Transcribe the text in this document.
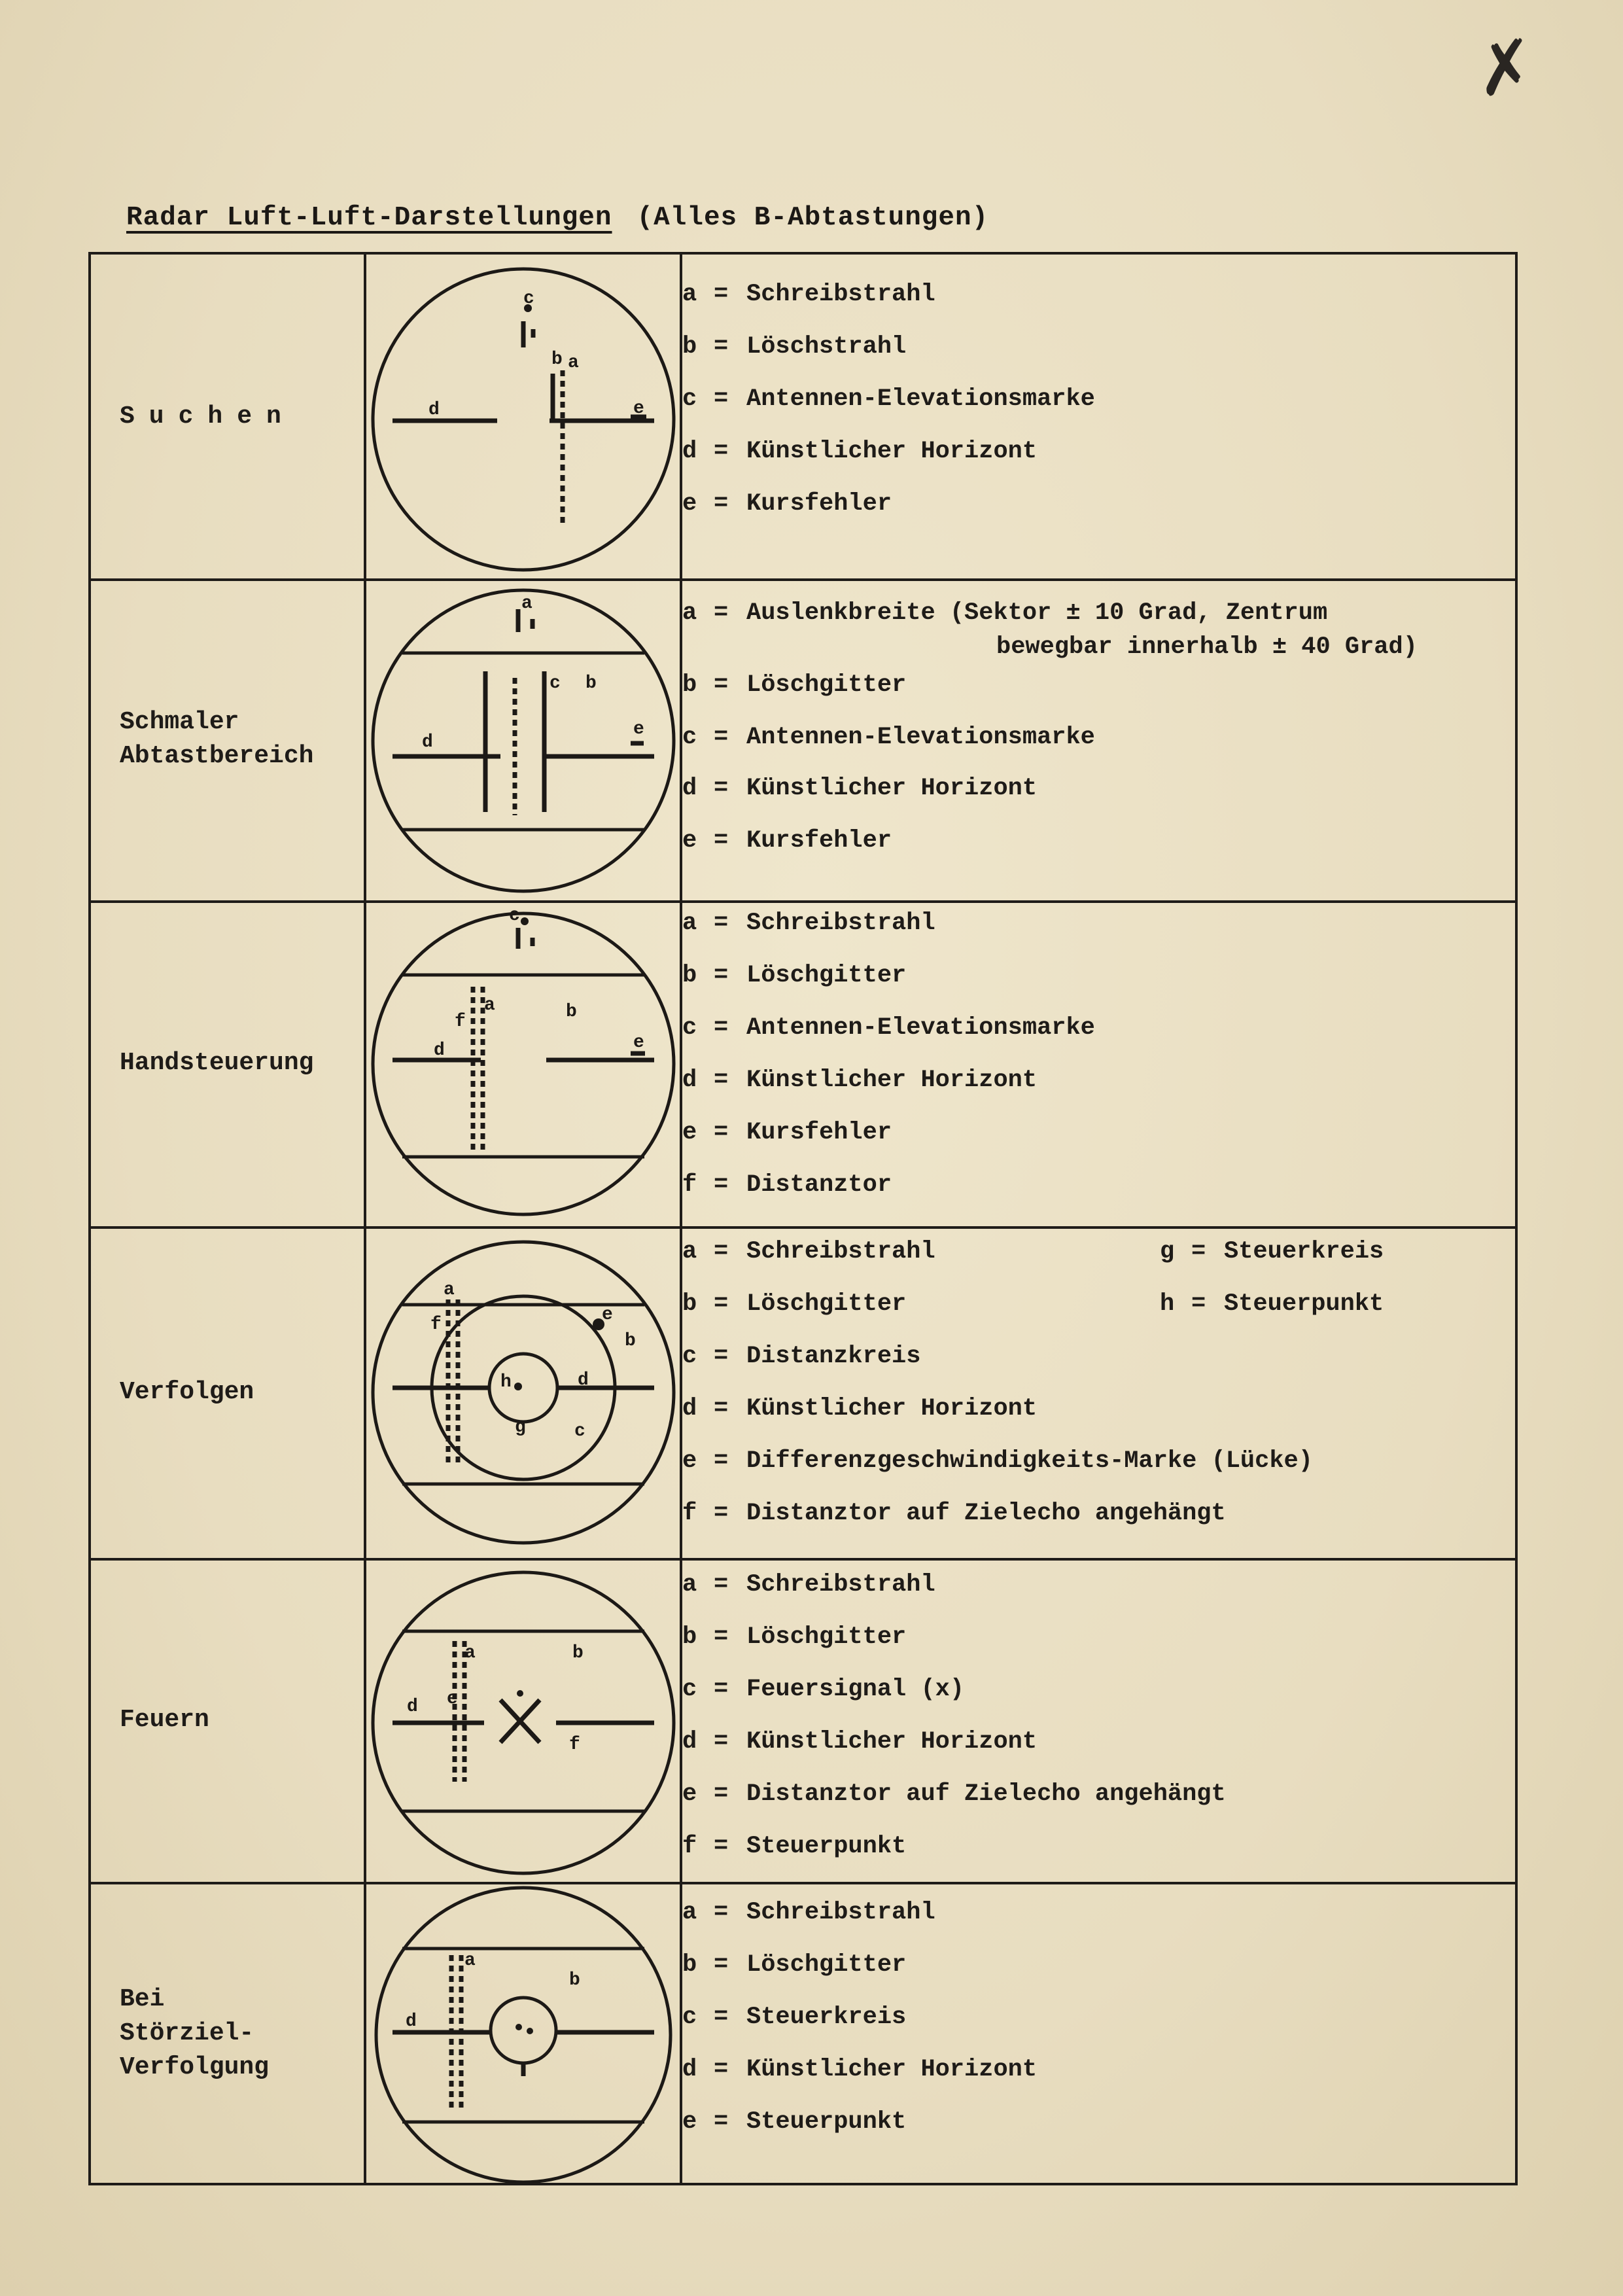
✗
Radar Luft-Luft-Darstellungen (Alles B-Abtastungen)
Suchen
a
b
c
d	e
a = Schreibstrahl
b = Löschstrahl
c = Antennen-Elevationsmarke
d = Künstlicher Horizont
e = Kursfehler
Schmaler
Abtastbereich
a
b
c
d
e
a = Auslenkbreite (Sektor ± 10 Grad, Zentrum
bewegbar innerhalb ± 40 Grad)
b = Löschgitter
c = Antennen-Elevationsmarke
d = Künstlicher Horizont
e = Kursfehler
Handsteuerung
a	b
c
d	e
f
a = Schreibstrahl
b = Löschgitter
c = Antennen-Elevationsmarke
d = Künstlicher Horizont
e = Kursfehler
f = Distanztor
Verfolgen
a
b
c
d
e
f
g
h
a = Schreibstrahl
b = Löschgitter
c = Distanzkreis
d = Künstlicher Horizont
e = Differenzgeschwindigkeits-Marke (Lücke)
f = Distanztor auf Zielecho angehängt
g = Steuerkreis
h = Steuerpunkt
Feuern
a	b
d e
f
a = Schreibstrahl
b = Löschgitter
c = Feuersignal (x)
d = Künstlicher Horizont
e = Distanztor auf Zielecho angehängt
f = Steuerpunkt
Bei
Störziel-
Verfolgung
a
b
d
a = Schreibstrahl
b = Löschgitter
c = Steuerkreis
d = Künstlicher Horizont
e = Steuerpunkt
